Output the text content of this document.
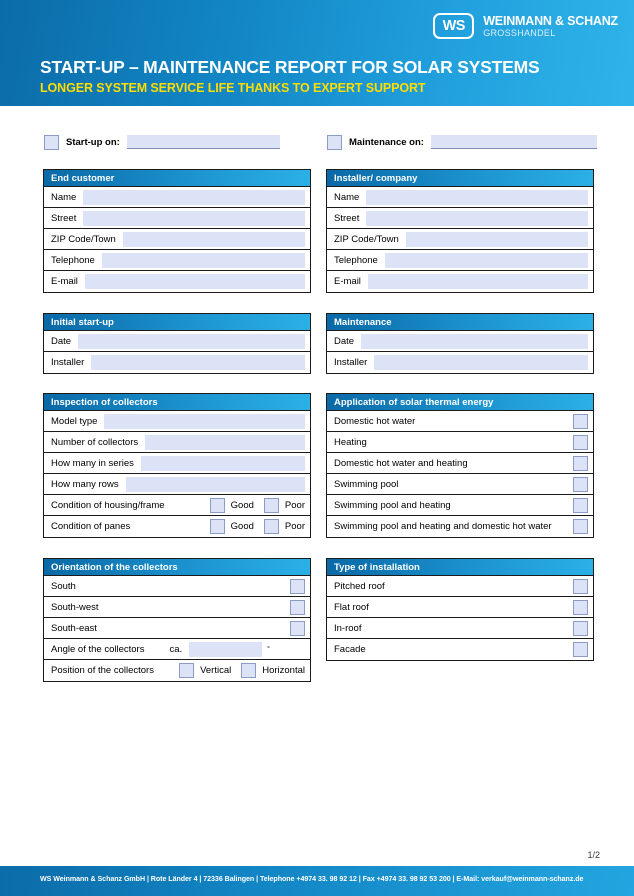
WS	WEINMANN & SCHANZ
GROSSHANDEL
START-UP – MAINTENANCE REPORT FOR SOLAR SYSTEMS
LONGER SYSTEM SERVICE LIFE THANKS TO EXPERT SUPPORT
Start-up on:	Maintenance on:
End customer
Name
Street
ZIP Code/Town
Telephone
E-mail
Installer/ company
Name
Street
ZIP Code/Town
Telephone
E-mail
Initial start-up
Date
Installer
Maintenance
Date
Installer
Inspection of collectors
Model type
Number of collectors
How many in series
How many rows
Condition of housing/frame	Good	Poor
Condition of panes	Good	Poor
Application of solar thermal energy
Domestic hot water
Heating
Domestic hot water and heating
Swimming pool
Swimming pool and heating
Swimming pool and heating and domestic hot water
Orientation of the collectors
South
South-west
South-east
Angle of the collectors	ca.	°
Position of the collectors	Vertical	Horizontal
Type of installation
Pitched roof
Flat roof
In-roof
Facade
1/2
WS Weinmann & Schanz GmbH | Rote Länder 4 | 72336 Balingen | Telephone +4974 33. 98 92 12 | Fax +4974 33. 98 92 53 200 | E-Mail: verkauf@weinmann-schanz.de
